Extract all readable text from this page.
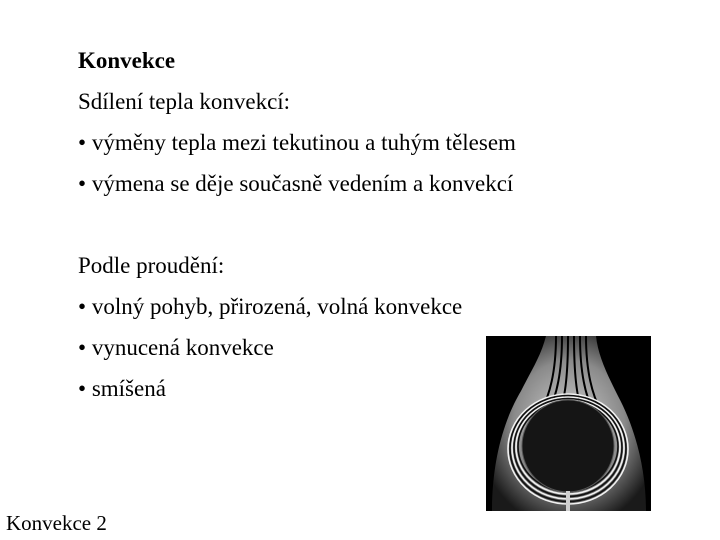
Konvekce
Sdílení tepla konvekcí:
• výměny tepla mezi tekutinou a tuhým tělesem
• výmena se děje současně vedením a konvekcí
Podle proudění:
• volný pohyb, přirozená, volná konvekce
• vynucená konvekce
• smíšená
Konvekce 2
